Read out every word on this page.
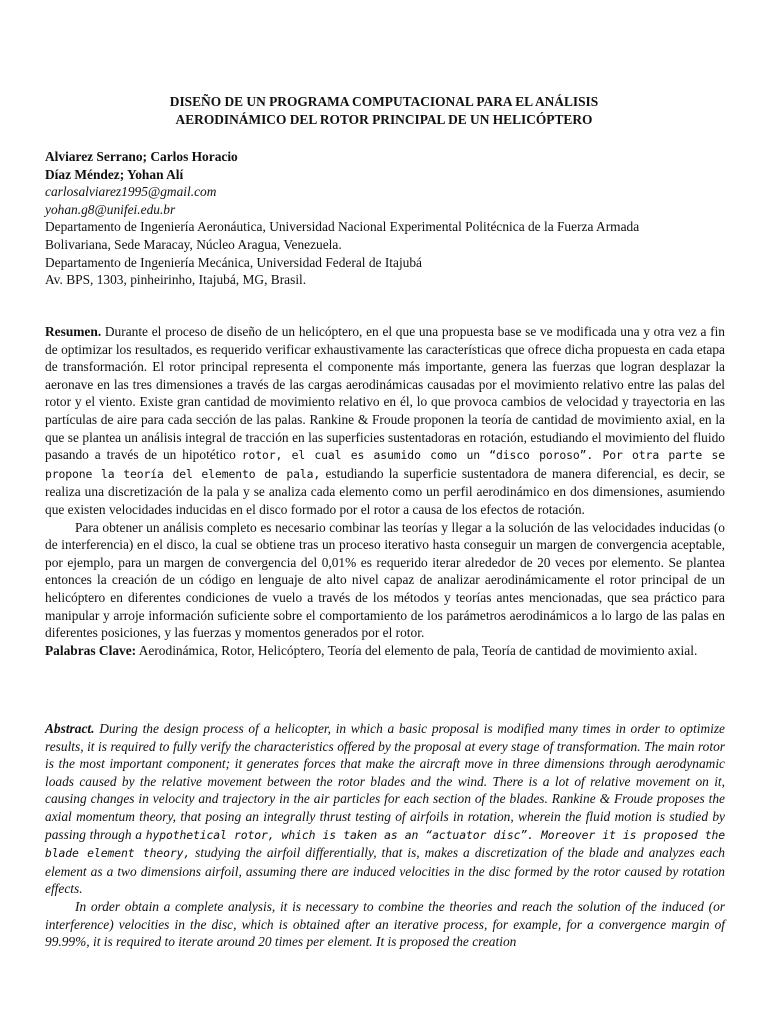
DISEÑO DE UN PROGRAMA COMPUTACIONAL PARA EL ANÁLISIS
AERODINÁMICO DEL ROTOR PRINCIPAL DE UN HELICÓPTERO
Alviarez Serrano; Carlos Horacio
Díaz Méndez; Yohan Alí
carlosalviarez1995@gmail.com
yohan.g8@unifei.edu.br
Departamento de Ingeniería Aeronáutica, Universidad Nacional Experimental Politécnica de la Fuerza Armada
Bolivariana, Sede Maracay, Núcleo Aragua, Venezuela.
Departamento de Ingeniería Mecánica, Universidad Federal de Itajubá
Av. BPS, 1303, pinheirinho, Itajubá, MG, Brasil.

Resumen. Durante el proceso de diseño de un helicóptero, en el que una propuesta base se ve modificada una y otra vez a fin de optimizar los resultados, es requerido verificar exhaustivamente las características que ofrece dicha propuesta en cada etapa de transformación. El rotor principal representa el componente más importante, genera las fuerzas que logran desplazar la aeronave en las tres dimensiones a través de las cargas aerodinámicas causadas por el movimiento relativo entre las palas del rotor y el viento. Existe gran cantidad de movimiento relativo en él, lo que provoca cambios de velocidad y trayectoria en las partículas de aire para cada sección de las palas. Rankine & Froude proponen la teoría de cantidad de movimiento axial, en la que se plantea un análisis integral de tracción en las superficies sustentadoras en rotación, estudiando el movimiento del fluido pasando a través de un hipotético rotor, el cual es asumido como un “disco poroso”. Por otra parte se propone la teoría del elemento de pala, estudiando la superficie sustentadora de manera diferencial, es decir, se realiza una discretización de la pala y se analiza cada elemento como un perfil aerodinámico en dos dimensiones, asumiendo que existen velocidades inducidas en el disco formado por el rotor a causa de los efectos de rotación.

Para obtener un análisis completo es necesario combinar las teorías y llegar a la solución de las velocidades inducidas (o de interferencia) en el disco, la cual se obtiene tras un proceso iterativo hasta conseguir un margen de convergencia aceptable, por ejemplo, para un margen de convergencia del 0,01% es requerido iterar alrededor de 20 veces por elemento. Se plantea entonces la creación de un código en lenguaje de alto nivel capaz de analizar aerodinámicamente el rotor principal de un helicóptero en diferentes condiciones de vuelo a través de los métodos y teorías antes mencionadas, que sea práctico para manipular y arroje información suficiente sobre el comportamiento de los parámetros aerodinámicos a lo largo de las palas en diferentes posiciones, y las fuerzas y momentos generados por el rotor.

Palabras Clave: Aerodinámica, Rotor, Helicóptero, Teoría del elemento de pala, Teoría de cantidad de movimiento axial.

Abstract. During the design process of a helicopter, in which a basic proposal is modified many times in order to optimize results, it is required to fully verify the characteristics offered by the proposal at every stage of transformation. The main rotor is the most important component; it generates forces that make the aircraft move in three dimensions through aerodynamic loads caused by the relative movement between the rotor blades and the wind. There is a lot of relative movement on it, causing changes in velocity and trajectory in the air particles for each section of the blades. Rankine & Froude proposes the axial momentum theory, that posing an integrally thrust testing of airfoils in rotation, wherein the fluid motion is studied by passing through a hypothetical rotor, which is taken as an “actuator disc”. Moreover it is proposed the blade element theory, studying the airfoil differentially, that is, makes a discretization of the blade and analyzes each element as a two dimensions airfoil, assuming there are induced velocities in the disc formed by the rotor caused by rotation effects.

In order obtain a complete analysis, it is necessary to combine the theories and reach the solution of the induced (or interference) velocities in the disc, which is obtained after an iterative process, for example, for a convergence margin of 99.99%, it is required to iterate around 20 times per element. It is proposed the creation
